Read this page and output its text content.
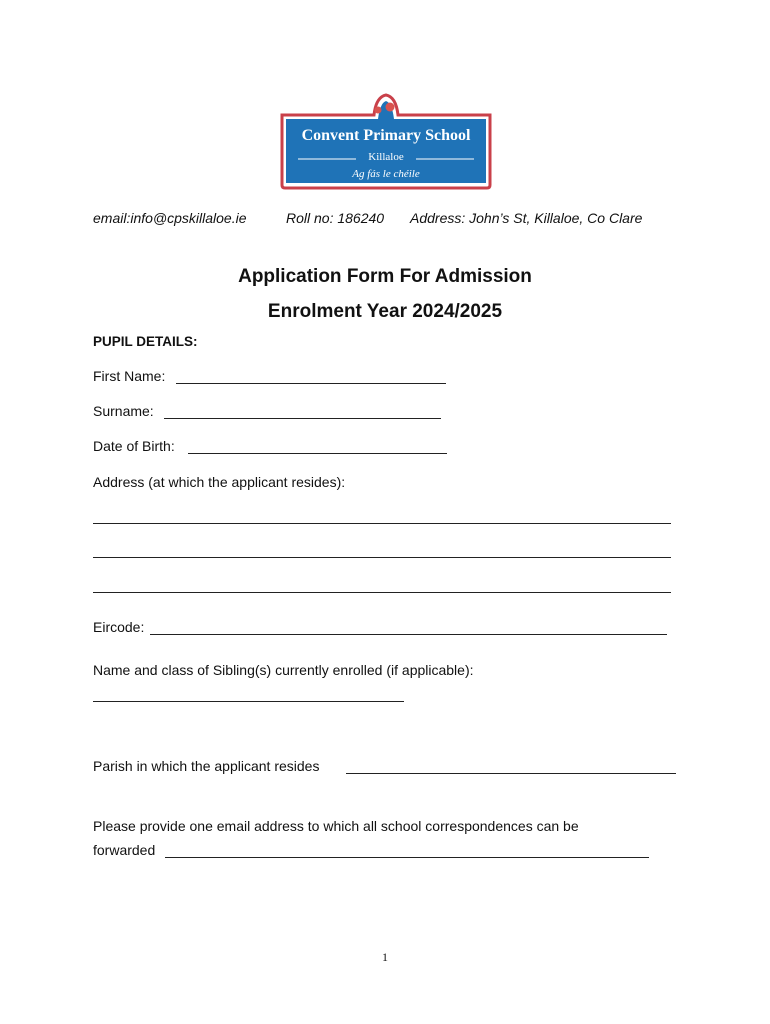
Convent Primary School
Killaloe
Ag fás le chéile
email:info@cpskillaloe.ie	Roll no: 186240 Address: John’s St, Killaloe, Co Clare
Application Form For Admission
Enrolment Year 2024/2025
PUPIL DETAILS:
First Name:
Surname:
Date of Birth:
Address (at which the applicant resides):
Eircode:
Name and class of Sibling(s) currently enrolled (if applicable):
Parish in which the applicant resides
Please provide one email address to which all school correspondences can be
forwarded
1
